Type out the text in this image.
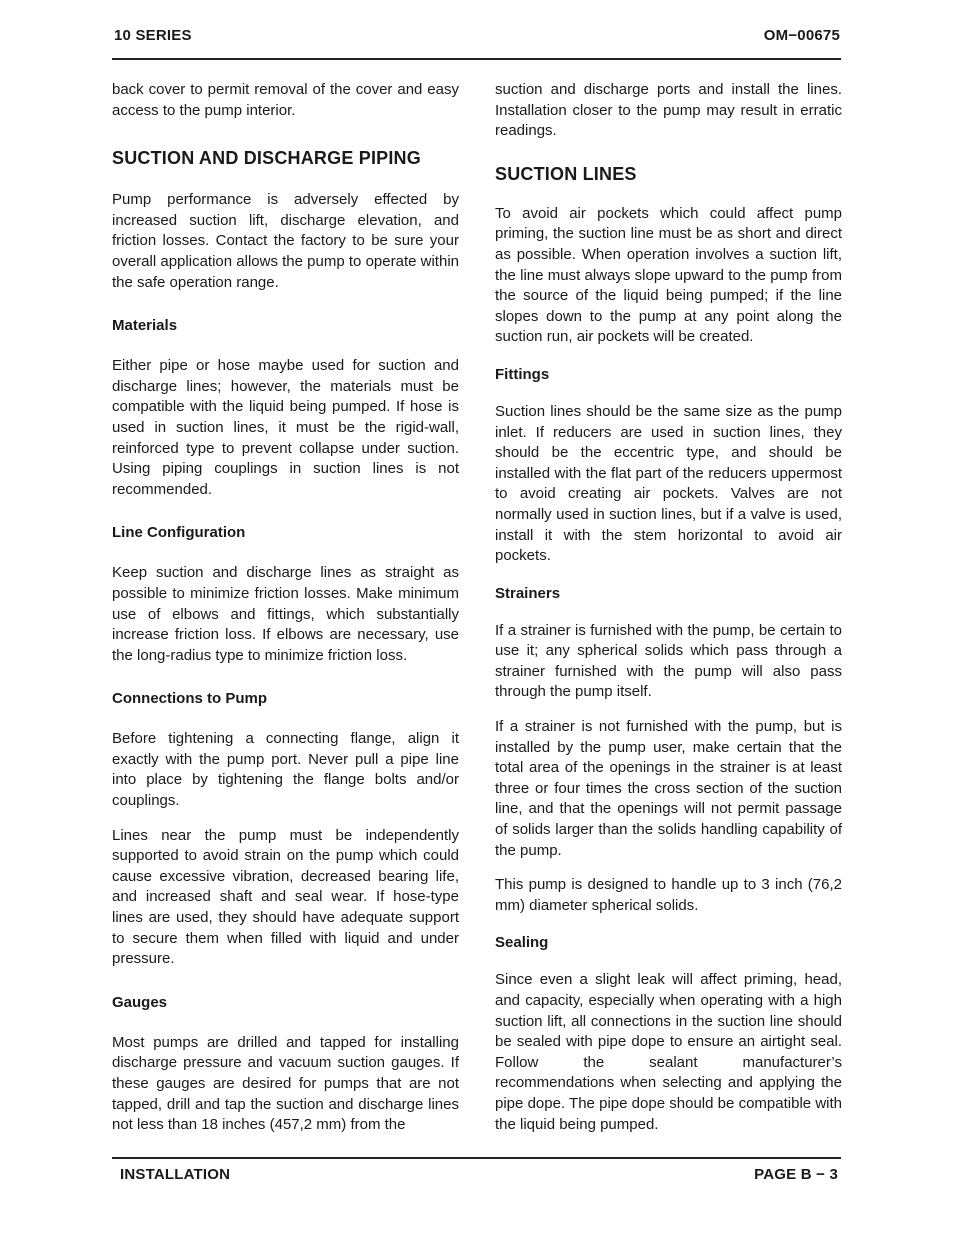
10 SERIES	OM−00675

back cover to permit removal of the cover and easy access to the pump interior.

SUCTION AND DISCHARGE PIPING

Pump performance is adversely effected by increased suction lift, discharge elevation, and friction losses. Contact the factory to be sure your overall application allows the pump to operate within the safe operation range.

Materials

Either pipe or hose maybe used for suction and discharge lines; however, the materials must be compatible with the liquid being pumped. If hose is used in suction lines, it must be the rigid-wall, reinforced type to prevent collapse under suction. Using piping couplings in suction lines is not recommended.

Line Configuration

Keep suction and discharge lines as straight as possible to minimize friction losses. Make minimum use of elbows and fittings, which substantially increase friction loss. If elbows are necessary, use the long-radius type to minimize friction loss.

Connections to Pump

Before tightening a connecting flange, align it exactly with the pump port. Never pull a pipe line into place by tightening the flange bolts and/or couplings.

Lines near the pump must be independently supported to avoid strain on the pump which could cause excessive vibration, decreased bearing life, and increased shaft and seal wear. If hose-type lines are used, they should have adequate support to secure them when filled with liquid and under pressure.

Gauges

Most pumps are drilled and tapped for installing discharge pressure and vacuum suction gauges. If these gauges are desired for pumps that are not tapped, drill and tap the suction and discharge lines not less than 18 inches (457,2 mm) from the

suction and discharge ports and install the lines. Installation closer to the pump may result in erratic readings.

SUCTION LINES

To avoid air pockets which could affect pump priming, the suction line must be as short and direct as possible. When operation involves a suction lift, the line must always slope upward to the pump from the source of the liquid being pumped; if the line slopes down to the pump at any point along the suction run, air pockets will be created.

Fittings

Suction lines should be the same size as the pump inlet. If reducers are used in suction lines, they should be the eccentric type, and should be installed with the flat part of the reducers uppermost to avoid creating air pockets. Valves are not normally used in suction lines, but if a valve is used, install it with the stem horizontal to avoid air pockets.

Strainers

If a strainer is furnished with the pump, be certain to use it; any spherical solids which pass through a strainer furnished with the pump will also pass through the pump itself.

If a strainer is not furnished with the pump, but is installed by the pump user, make certain that the total area of the openings in the strainer is at least three or four times the cross section of the suction line, and that the openings will not permit passage of solids larger than the solids handling capability of the pump.

This pump is designed to handle up to 3 inch (76,2 mm) diameter spherical solids.

Sealing

Since even a slight leak will affect priming, head, and capacity, especially when operating with a high suction lift, all connections in the suction line should be sealed with pipe dope to ensure an airtight seal. Follow the sealant manufacturer’s recommendations when selecting and applying the pipe dope. The pipe dope should be compatible with the liquid being pumped.

INSTALLATION	PAGE B − 3
